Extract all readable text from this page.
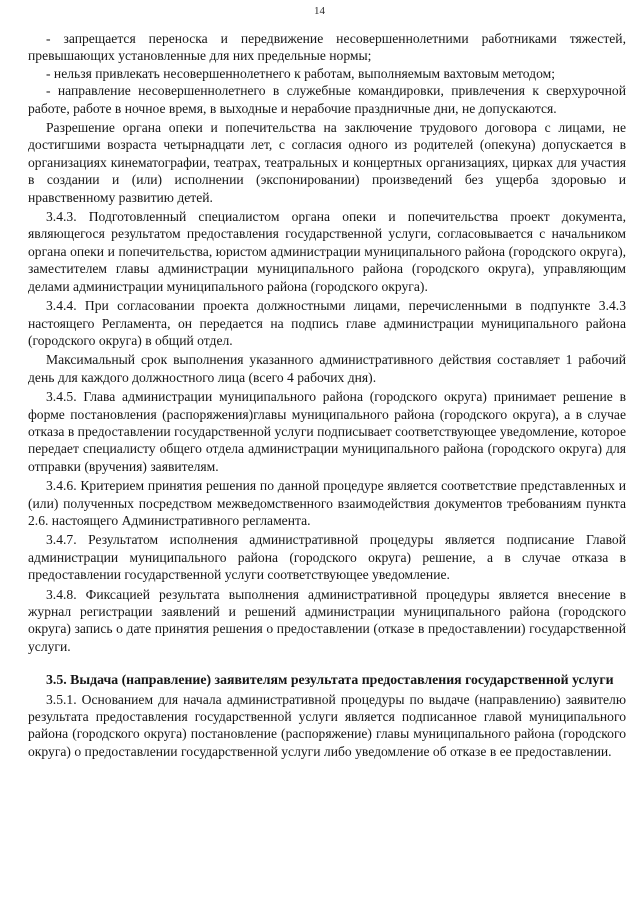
14

- запрещается переноска и передвижение несовершеннолетними работниками тяжестей, превышающих установленные для них предельные нормы;

- нельзя привлекать несовершеннолетнего к работам, выполняемым вахтовым методом;

- направление несовершеннолетнего в служебные командировки, привлечения к сверхурочной работе, работе в ночное время, в выходные и нерабочие праздничные дни, не допускаются.

Разрешение органа опеки и попечительства на заключение трудового договора с лицами, не достигшими возраста четырнадцати лет, с согласия одного из родителей (опекуна) допускается в организациях кинематографии, театрах, театральных и концертных организациях, цирках для участия в создании и (или) исполнении (экспонировании) произведений без ущерба здоровью и нравственному развитию детей.

3.4.3. Подготовленный специалистом органа опеки и попечительства проект документа, являющегося результатом предоставления государственной услуги, согласовывается с начальником органа опеки и попечительства, юристом администрации муниципального района (городского округа), заместителем главы администрации муниципального района (городского округа), управляющим делами администрации муниципального района (городского округа).

3.4.4. При согласовании проекта должностными лицами, перечисленными в подпункте 3.4.3 настоящего Регламента, он передается на подпись главе администрации муниципального района (городского округа) в общий отдел.

Максимальный срок выполнения указанного административного действия составляет 1 рабочий день для каждого должностного лица (всего 4 рабочих дня).

3.4.5. Глава администрации муниципального района (городского округа) принимает решение в форме постановления (распоряжения)главы муниципального района (городского округа), а в случае отказа в предоставлении государственной услуги подписывает соответствующее уведомление, которое передает специалисту общего отдела администрации муниципального района (городского округа) для отправки (вручения) заявителям.

3.4.6. Критерием принятия решения по данной процедуре является соответствие представленных и (или) полученных посредством межведомственного взаимодействия документов требованиям пункта 2.6. настоящего Административного регламента.

3.4.7. Результатом исполнения административной процедуры является подписание Главой администрации муниципального района (городского округа) решение, а в случае отказа в предоставлении государственной услуги соответствующее уведомление.

3.4.8. Фиксацией результата выполнения административной процедуры является внесение в журнал регистрации заявлений и решений администрации муниципального района (городского округа) запись о дате принятия решения о предоставлении (отказе в предоставлении) государственной услуги.

3.5. Выдача (направление) заявителям результата предоставления государственной услуги

3.5.1. Основанием для начала административной процедуры по выдаче (направлению) заявителю результата предоставления государственной услуги является подписанное главой муниципального района (городского округа) постановление (распоряжение) главы муниципального района (городского округа) о предоставлении государственной услуги либо уведомление об отказе в ее предоставлении.
